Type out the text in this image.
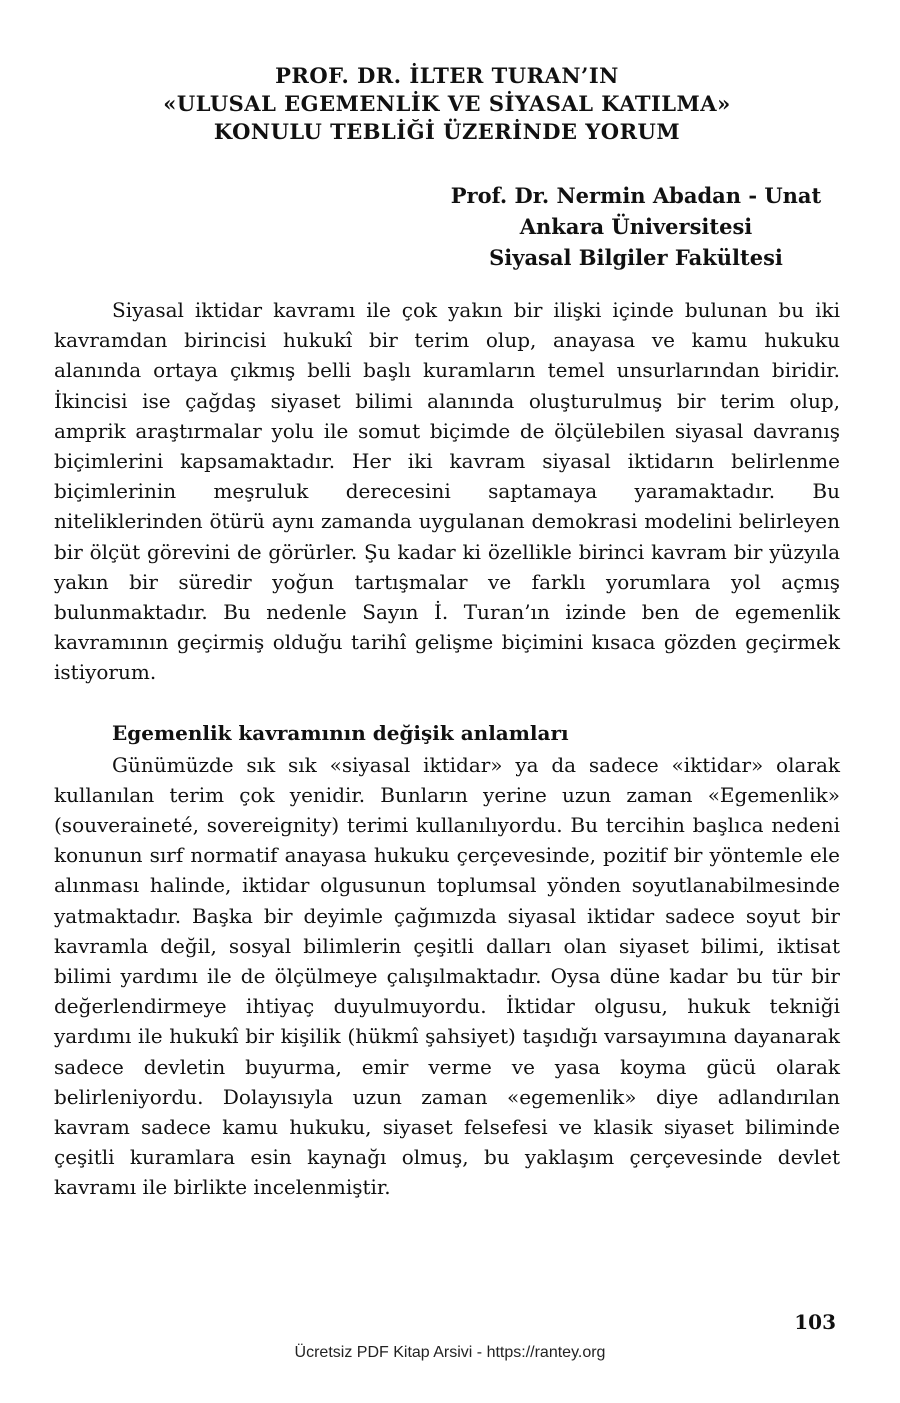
PROF. DR. İLTER TURAN’IN
«ULUSAL EGEMENLİK VE SİYASAL KATILMA»
KONULU TEBLİĞİ ÜZERİNDE YORUM
Prof. Dr. Nermin Abadan - Unat
Ankara Üniversitesi
Siyasal Bilgiler Fakültesi

Siyasal iktidar kavramı ile çok yakın bir ilişki içinde bulunan bu iki kavramdan birincisi hukukî bir terim olup, anayasa ve kamu hukuku alanında ortaya çıkmış belli başlı kuramların temel unsurlarından biridir. İkincisi ise çağdaş siyaset bilimi alanında oluşturulmuş bir terim olup, amprik araştırmalar yolu ile somut biçimde de ölçülebilen siyasal davranış biçimlerini kapsamaktadır. Her iki kavram siyasal iktidarın belirlenme biçimlerinin meşruluk derecesini saptamaya yaramaktadır. Bu niteliklerinden ötürü aynı zamanda uygulanan demokrasi modelini belirleyen bir ölçüt görevini de görürler. Şu kadar ki özellikle birinci kavram bir yüzyıla yakın bir süredir yoğun tartışmalar ve farklı yorumlara yol açmış bulunmaktadır. Bu nedenle Sayın İ. Turan’ın izinde ben de egemenlik kavramının geçirmiş olduğu tarihî gelişme biçimini kısaca gözden geçirmek istiyorum.

Egemenlik kavramının değişik anlamları

Günümüzde sık sık «siyasal iktidar» ya da sadece «iktidar» olarak kullanılan terim çok yenidir. Bunların yerine uzun zaman «Egemenlik» (souveraineté, sovereignity) terimi kullanılıyordu. Bu tercihin başlıca nedeni konunun sırf normatif anayasa hukuku çerçevesinde, pozitif bir yöntemle ele alınması halinde, iktidar olgusunun toplumsal yönden soyutlanabilmesinde yatmaktadır. Başka bir deyimle çağımızda siyasal iktidar sadece soyut bir kavramla değil, sosyal bilimlerin çeşitli dalları olan siyaset bilimi, iktisat bilimi yardımı ile de ölçülmeye çalışılmaktadır. Oysa düne kadar bu tür bir değerlendirmeye ihtiyaç duyulmuyordu. İktidar olgusu, hukuk tekniği yardımı ile hukukî bir kişilik (hükmî şahsiyet) taşıdığı varsayımına dayanarak sadece devletin buyurma, emir verme ve yasa koyma gücü olarak belirleniyordu. Dolayısıyla uzun zaman «egemenlik» diye adlandırılan kavram sadece kamu hukuku, siyaset felsefesi ve klasik siyaset biliminde çeşitli kuramlara esin kaynağı olmuş, bu yaklaşım çerçevesinde devlet kavramı ile birlikte incelenmiştir.

103
Ücretsiz PDF Kitap Arsivi - https://rantey.org
